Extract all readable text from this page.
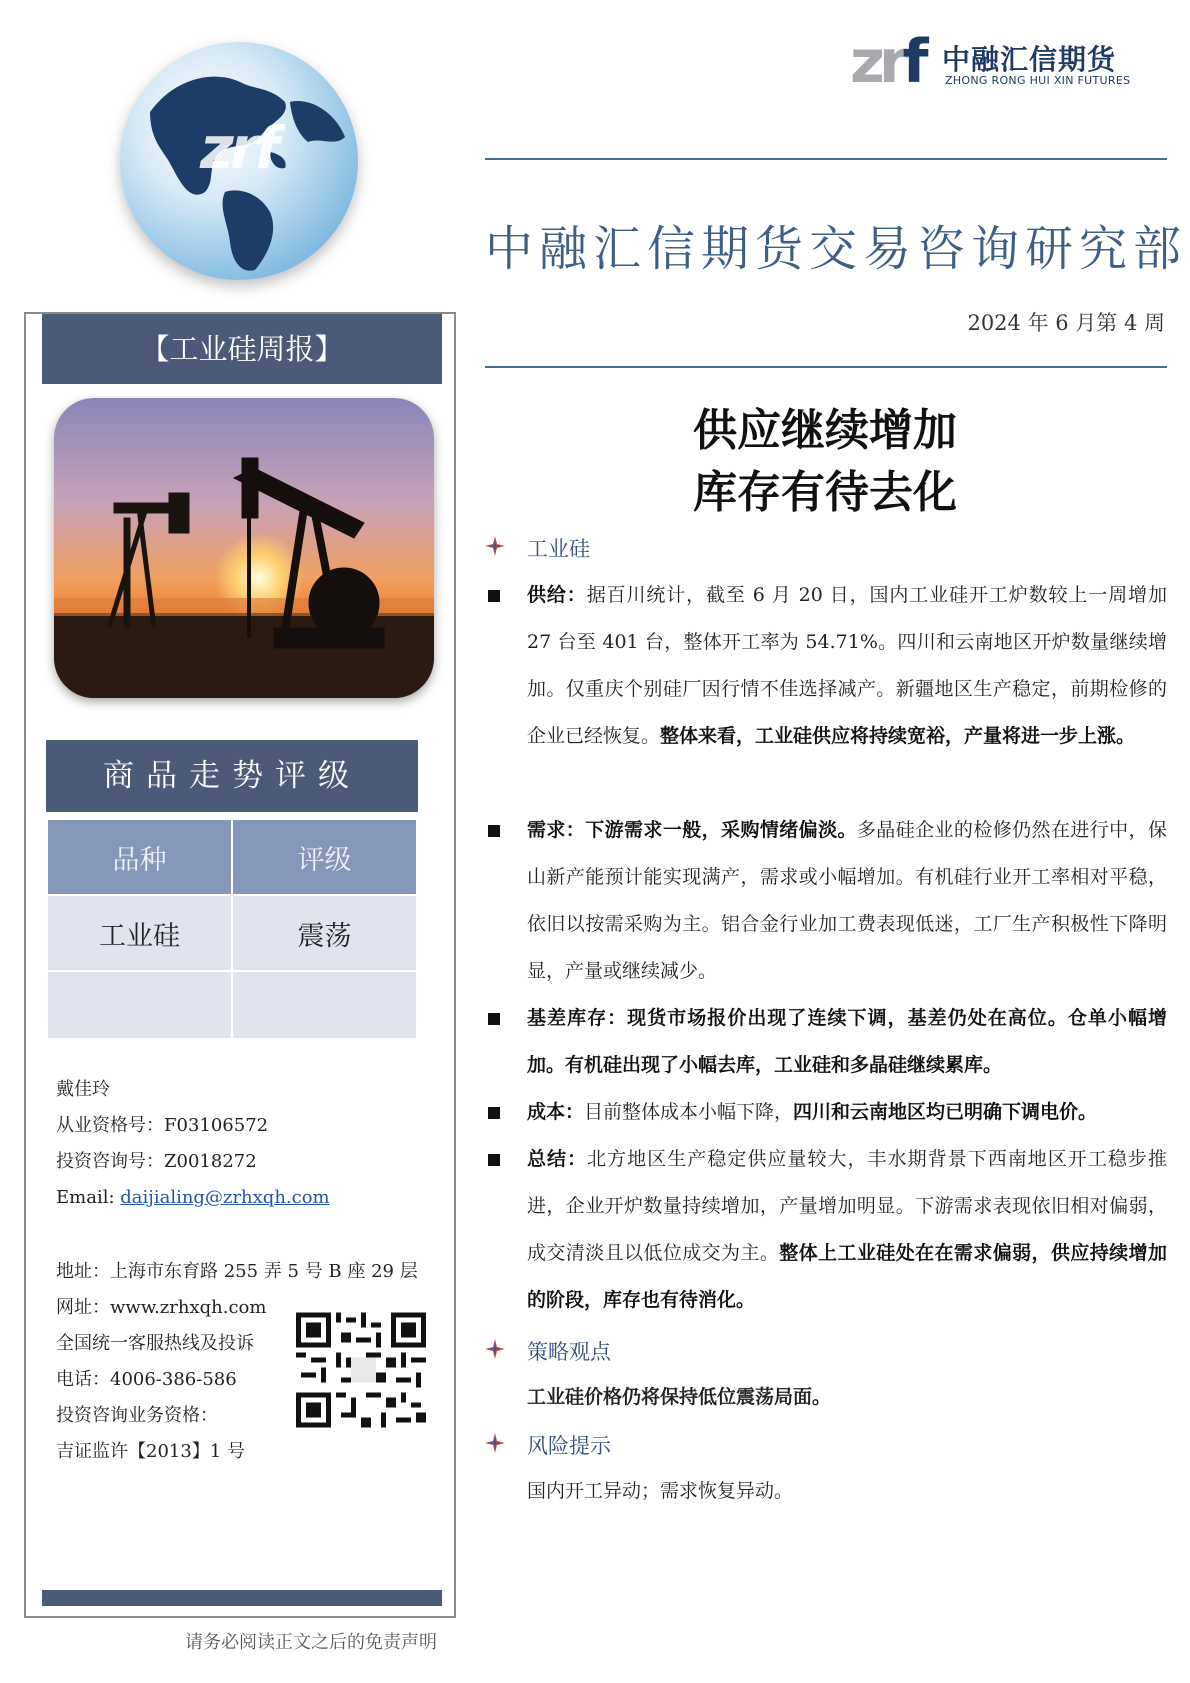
zrf
zrf 中融汇信期货
ZHONG RONG HUI XIN FUTURES
中融汇信期货交易咨询研究部
2024 年 6 月第 4 周
【工业硅周报】
商品走势评级
品种	评级
工业硅	震荡

戴佳玲
从业资格号：F03106572
投资咨询号：Z0018272
Email: daijialing@zrhxqh.com
地址：上海市东育路 255 弄 5 号 B 座 29 层
网址：www.zrhxqh.com
全国统一客服热线及投诉
电话：4006-386-586
投资咨询业务资格：
吉证监许【2013】1 号
请务必阅读正文之后的免责声明
供应继续增加
库存有待去化
工业硅
供给：据百川统计，截至 6 月 20 日，国内工业硅开工炉数较上一周增加 27 台至 401 台，整体开工率为 54.71%。四川和云南地区开炉数量继续增加。仅重庆个别硅厂因行情不佳选择减产。新疆地区生产稳定，前期检修的企业已经恢复。整体来看，工业硅供应将持续宽裕，产量将进一步上涨。
需求：下游需求一般，采购情绪偏淡。多晶硅企业的检修仍然在进行中，保山新产能预计能实现满产，需求或小幅增加。有机硅行业开工率相对平稳，依旧以按需采购为主。铝合金行业加工费表现低迷，工厂生产积极性下降明显，产量或继续减少。
基差库存：现货市场报价出现了连续下调，基差仍处在高位。仓单小幅增加。有机硅出现了小幅去库，工业硅和多晶硅继续累库。
成本：目前整体成本小幅下降，四川和云南地区均已明确下调电价。
总结：北方地区生产稳定供应量较大，丰水期背景下西南地区开工稳步推进，企业开炉数量持续增加，产量增加明显。下游需求表现依旧相对偏弱，成交清淡且以低位成交为主。整体上工业硅处在在需求偏弱，供应持续增加的阶段，库存也有待消化。
策略观点
工业硅价格仍将保持低位震荡局面。
风险提示
国内开工异动；需求恢复异动。
